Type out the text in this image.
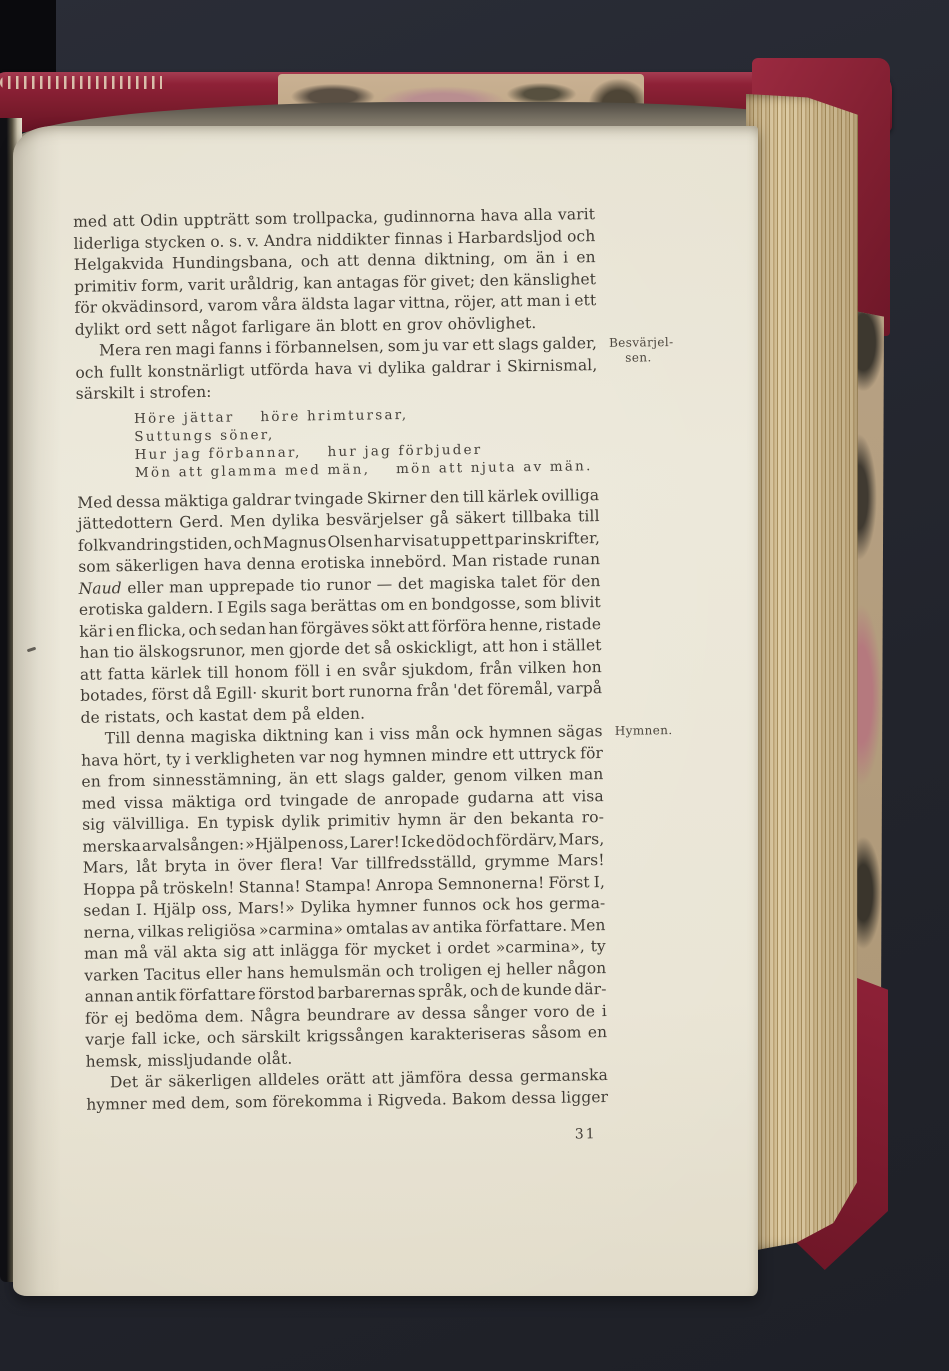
med att Odin uppträtt som trollpacka, gudinnorna hava alla varit
liderliga stycken o. s. v. Andra niddikter finnas i Harbardsljod och
Helgakvida Hundingsbana, och att denna diktning, om än i en
primitiv form, varit uråldrig, kan antagas för givet; den känslighet
för okvädinsord, varom våra äldsta lagar vittna, röjer, att man i ett
dylikt ord sett något farligare än blott en grov ohövlighet.
Mera ren magi fanns i förbannelsen, som ju var ett slags galder,
och fullt konstnärligt utförda hava vi dylika galdrar i Skirnismal,
särskilt i strofen:
Besvärjel-
sen.
Höre jättar    höre hrimtursar,
Suttungs söner,
Hur jag förbannar,    hur jag förbjuder
Mön att glamma med män,    mön att njuta av män.
Med dessa mäktiga galdrar tvingade Skirner den till kärlek ovilliga
jättedottern Gerd. Men dylika besvärjelser gå säkert tillbaka till
folkvandringstiden, och Magnus Olsen har visat upp ett par inskrifter,
som säkerligen hava denna erotiska innebörd. Man ristade runan
Naud eller man upprepade tio runor — det magiska talet för den
erotiska galdern. I Egils saga berättas om en bondgosse, som blivit
kär i en flicka, och sedan han förgäves sökt att förföra henne, ristade
han tio älskogsrunor, men gjorde det så oskickligt, att hon i stället
att fatta kärlek till honom föll i en svår sjukdom, från vilken hon
botades, först då Egill· skurit bort runorna från 'det föremål, varpå
de ristats, och kastat dem på elden.
Till denna magiska diktning kan i viss mån ock hymnen sägas
hava hört, ty i verkligheten var nog hymnen mindre ett uttryck för
en from sinnesstämning, än ett slags galder, genom vilken man
med vissa mäktiga ord tvingade de anropade gudarna att visa
sig välvilliga. En typisk dylik primitiv hymn är den bekanta ro-
merska arvalsången: »Hjälpen oss, Larer! Icke död och fördärv, Mars,
Mars, låt bryta in över flera! Var tillfredsställd, grymme Mars!
Hoppa på tröskeln! Stanna! Stampa! Anropa Semnonerna! Först I,
sedan I. Hjälp oss, Mars!» Dylika hymner funnos ock hos germa-
nerna, vilkas religiösa »carmina» omtalas av antika författare. Men
man må väl akta sig att inlägga för mycket i ordet »carmina», ty
varken Tacitus eller hans hemulsmän och troligen ej heller någon
annan antik författare förstod barbarernas språk, och de kunde där-
för ej bedöma dem. Några beundrare av dessa sånger voro de i
varje fall icke, och särskilt krigssången karakteriseras såsom en
hemsk, missljudande olåt.
Hymnen.
Det är säkerligen alldeles orätt att jämföra dessa germanska
hymner med dem, som förekomma i Rigveda. Bakom dessa ligger
31
